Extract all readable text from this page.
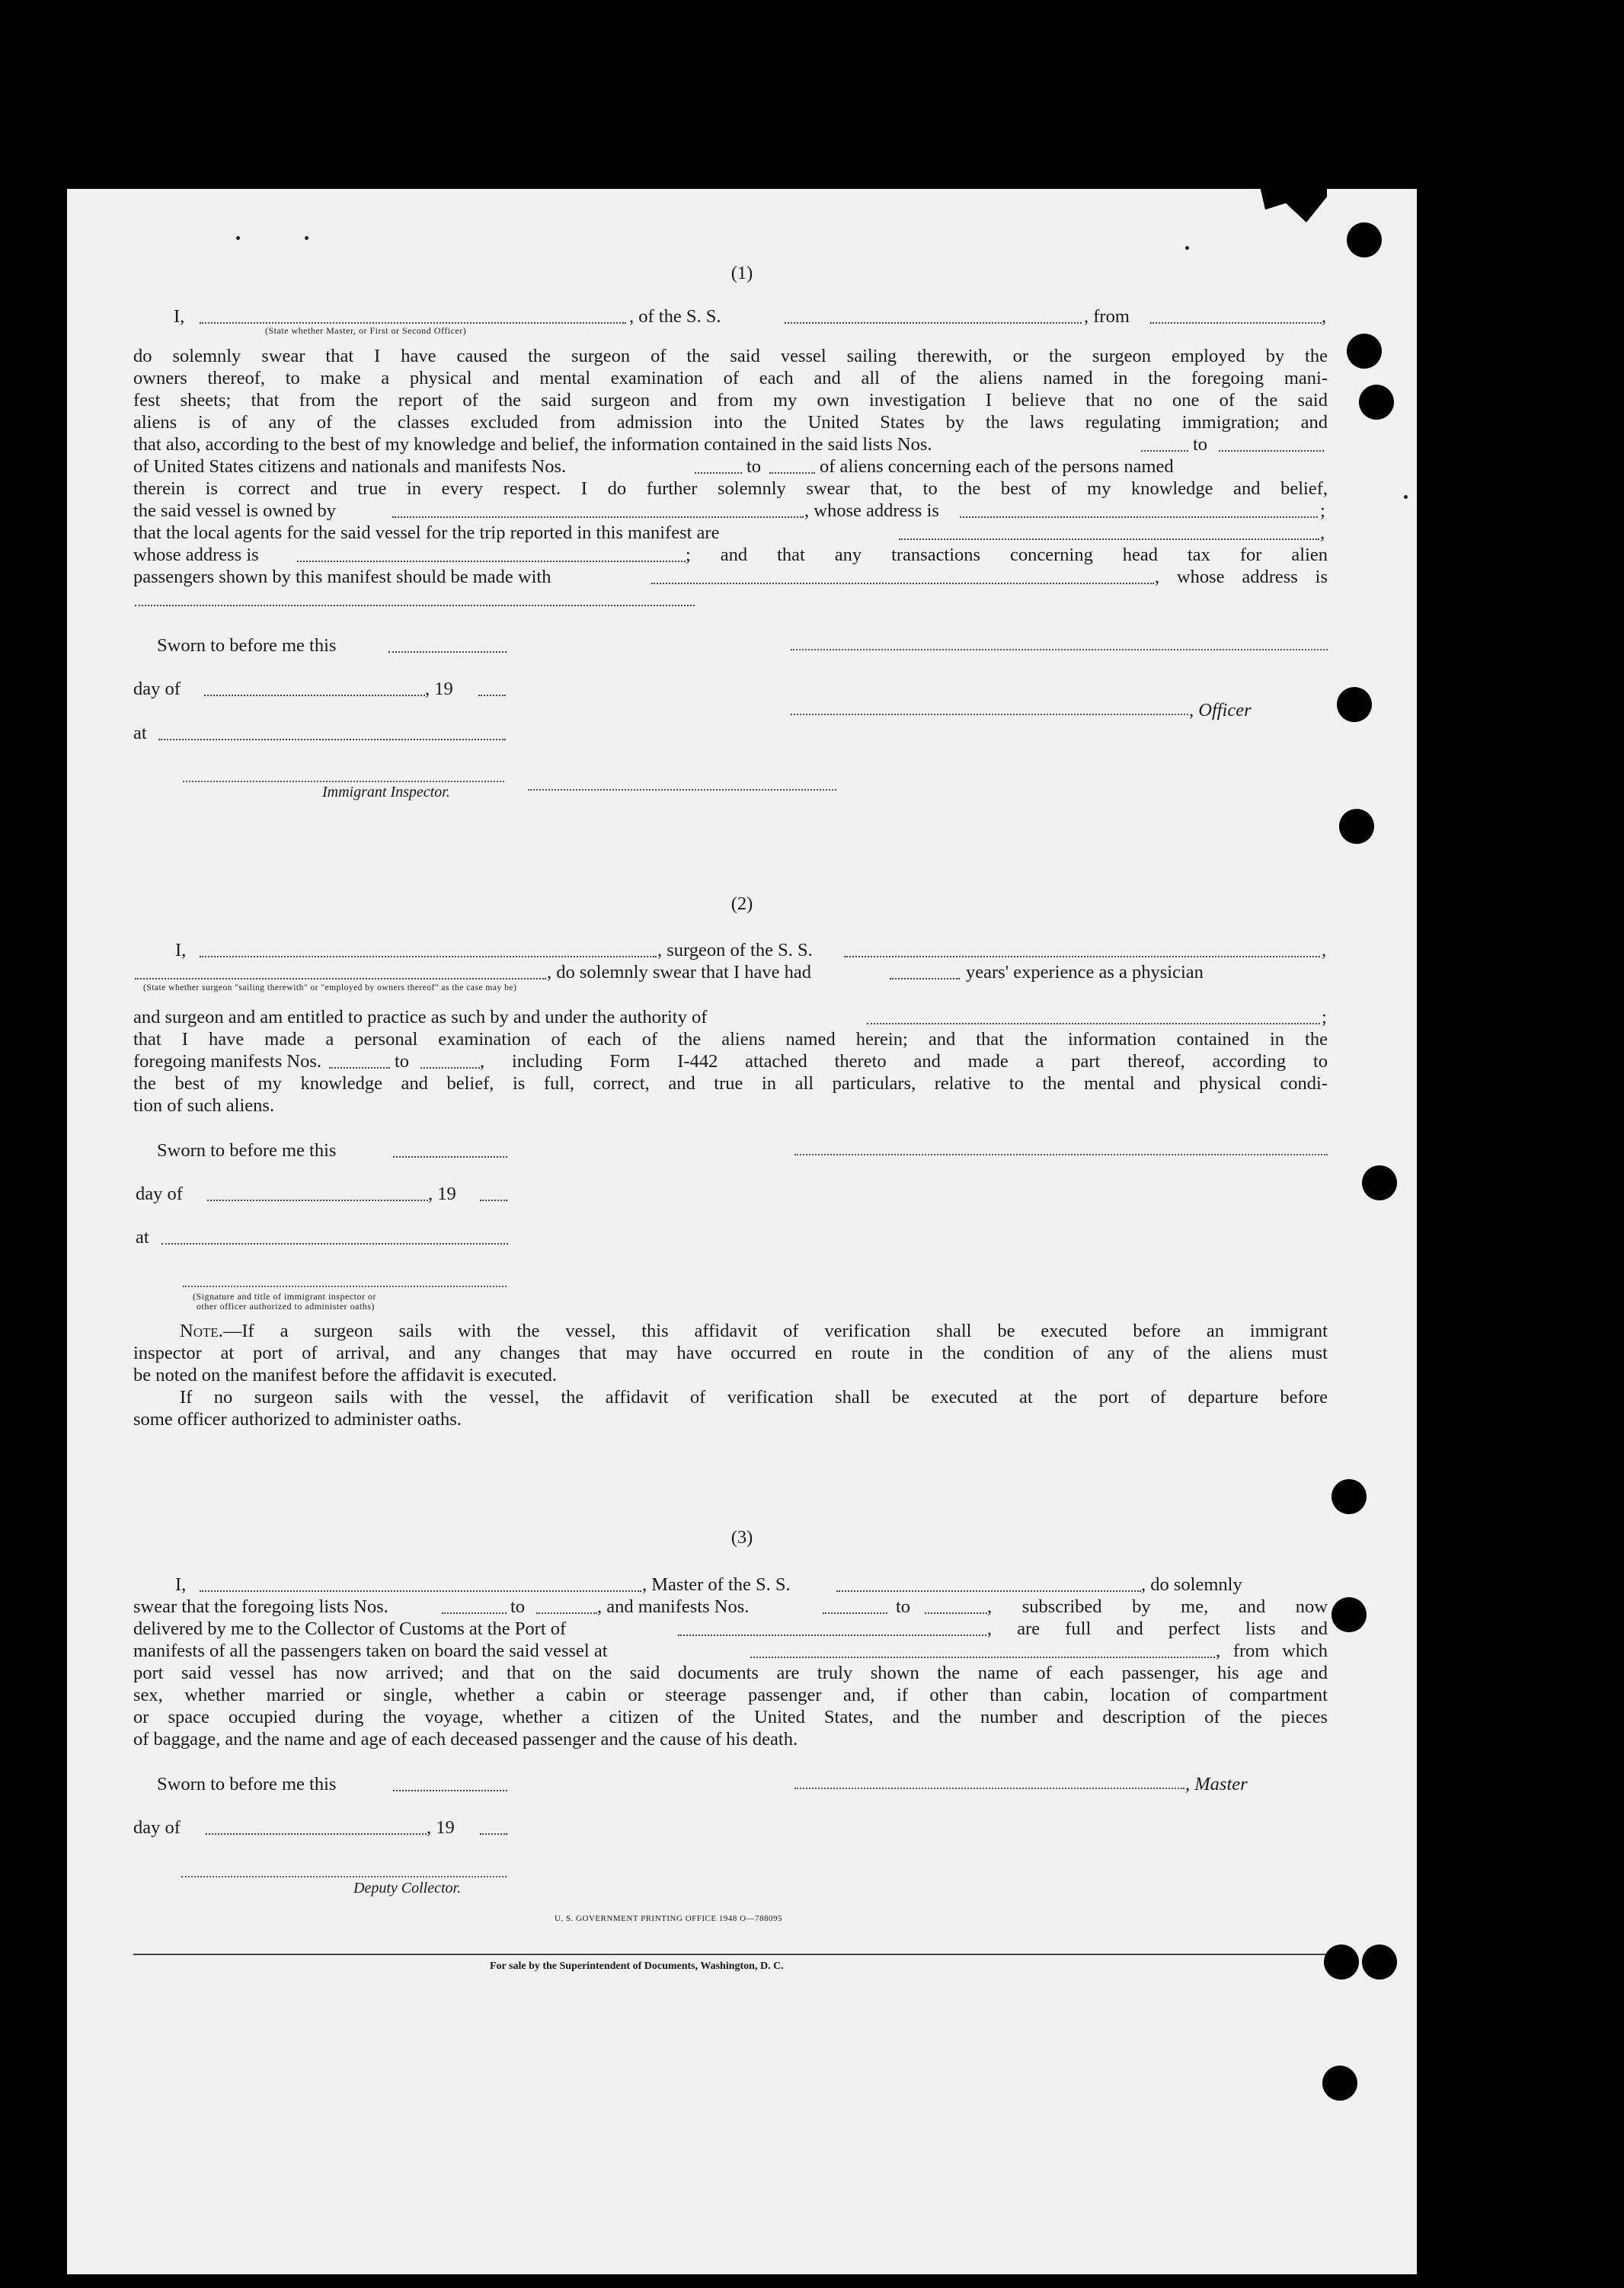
(1)
I,	, of the S. S.	, from	,
(State whether Master, or First or Second Officer)
do solemnly swear that I have caused the surgeon of the said vessel sailing therewith, or the surgeon employed by the
owners thereof, to make a physical and mental examination of each and all of the aliens named in the foregoing mani-
fest sheets; that from the report of the said surgeon and from my own investigation I believe that no one of the said
aliens is of any of the classes excluded from admission into the United States by the laws regulating immigration; and
that also, according to the best of my knowledge and belief, the information contained in the said lists Nos.	to
of United States citizens and nationals and manifests Nos.	to	of aliens concerning each of the persons named
therein is correct and true in every respect. I do further solemnly swear that, to the best of my knowledge and belief,
the said vessel is owned by	, whose address is	;
that the local agents for the said vessel for the trip reported in this manifest are	,
whose address is	; and that any transactions concerning head tax for alien
passengers shown by this manifest should be made with	, whose address is
Sworn to before me this
day of	, 19
, Officer
at
Immigrant Inspector.
(2)
I,	, surgeon of the S. S.	,
, do solemnly swear that I have had	years' experience as a physician
(State whether surgeon "sailing therewith" or "employed by owners thereof" as the case may be)
and surgeon and am entitled to practice as such by and under the authority of	;
that I have made a personal examination of each of the aliens named herein; and that the information contained in the
foregoing manifests Nos.	to	, including Form I-442 attached thereto and made a part thereof, according to
the best of my knowledge and belief, is full, correct, and true in all particulars, relative to the mental and physical condi-
tion of such aliens.
Sworn to before me this
day of	, 19
at
(Signature and title of immigrant inspector or
other officer authorized to administer oaths)
Note.—If a surgeon sails with the vessel, this affidavit of verification shall be executed before an immigrant
inspector at port of arrival, and any changes that may have occurred en route in the condition of any of the aliens must
be noted on the manifest before the affidavit is executed.
If no surgeon sails with the vessel, the affidavit of verification shall be executed at the port of departure before
some officer authorized to administer oaths.
(3)
I,	, Master of the S. S.	, do solemnly
swear that the foregoing lists Nos.	to	, and manifests Nos.	to	, subscribed by me, and now
delivered by me to the Collector of Customs at the Port of	, are full and perfect lists and
manifests of all the passengers taken on board the said vessel at	, from which
port said vessel has now arrived; and that on the said documents are truly shown the name of each passenger, his age and
sex, whether married or single, whether a cabin or steerage passenger and, if other than cabin, location of compartment
or space occupied during the voyage, whether a citizen of the United States, and the number and description of the pieces
of baggage, and the name and age of each deceased passenger and the cause of his death.
Sworn to before me this	, Master
day of	, 19
Deputy Collector.
U. S. GOVERNMENT PRINTING OFFICE 1948 O—788095
For sale by the Superintendent of Documents, Washington, D. C.
